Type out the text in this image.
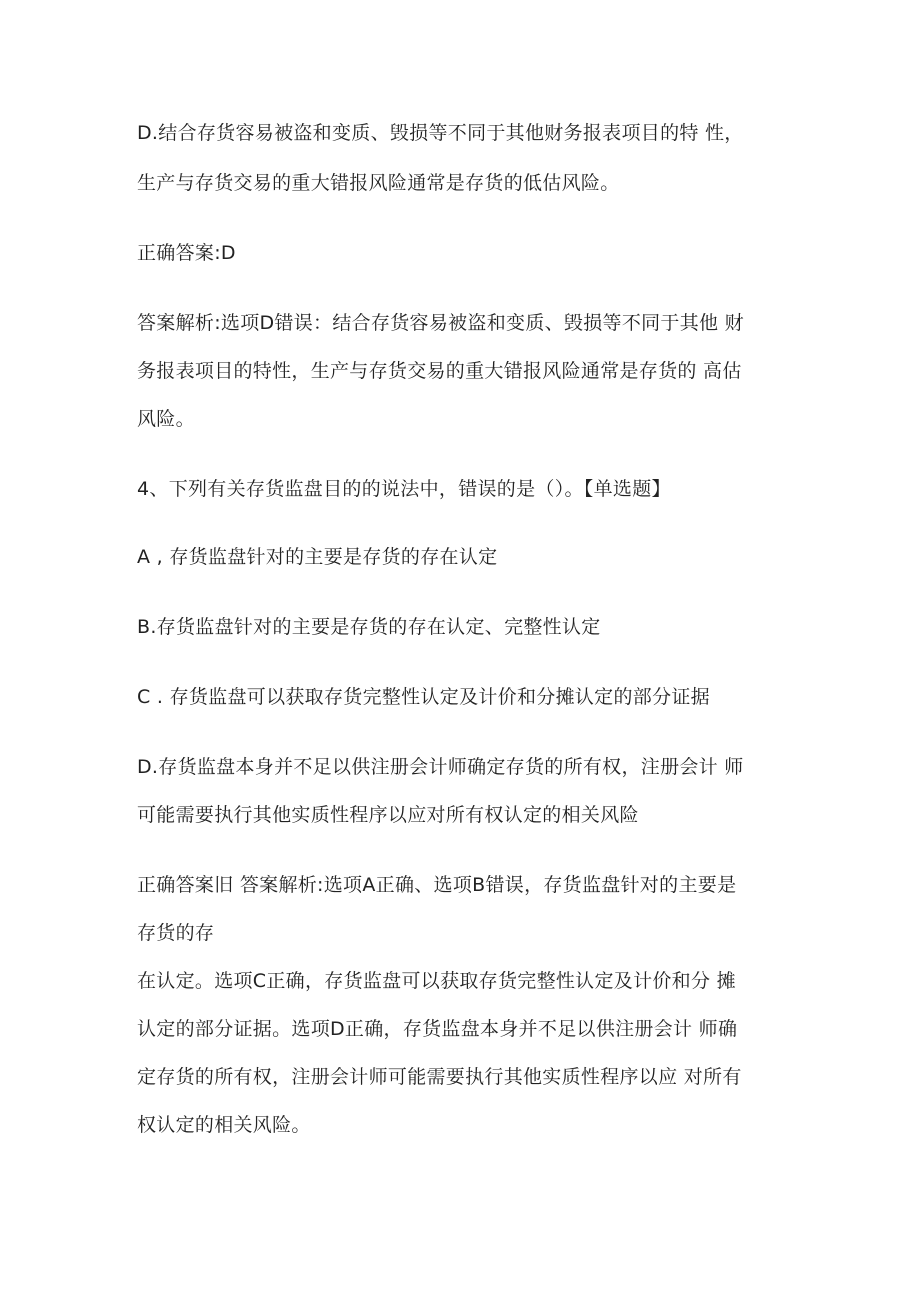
D.结合存货容易被盗和变质、毁损等不同于其他财务报表项目的特 性，
生产与存货交易的重大错报风险通常是存货的低估风险。
正确答案:D
答案解析:选项D错误：结合存货容易被盗和变质、毁损等不同于其他 财
务报表项目的特性，生产与存货交易的重大错报风险通常是存货的 高估
风险。
4、下列有关存货监盘目的的说法中，错误的是（）。【单选题】
A , 存货监盘针对的主要是存货的存在认定
B.存货监盘针对的主要是存货的存在认定、完整性认定
C . 存货监盘可以获取存货完整性认定及计价和分摊认定的部分证据
D.存货监盘本身并不足以供注册会计师确定存货的所有权，注册会计 师
可能需要执行其他实质性程序以应对所有权认定的相关风险
正确答案旧 答案解析:选项A正确、选项B错误，存货监盘针对的主要是
存货的存
在认定。选项C正确，存货监盘可以获取存货完整性认定及计价和分 摊
认定的部分证据。选项D正确，存货监盘本身并不足以供注册会计 师确
定存货的所有权，注册会计师可能需要执行其他实质性程序以应 对所有
权认定的相关风险。
